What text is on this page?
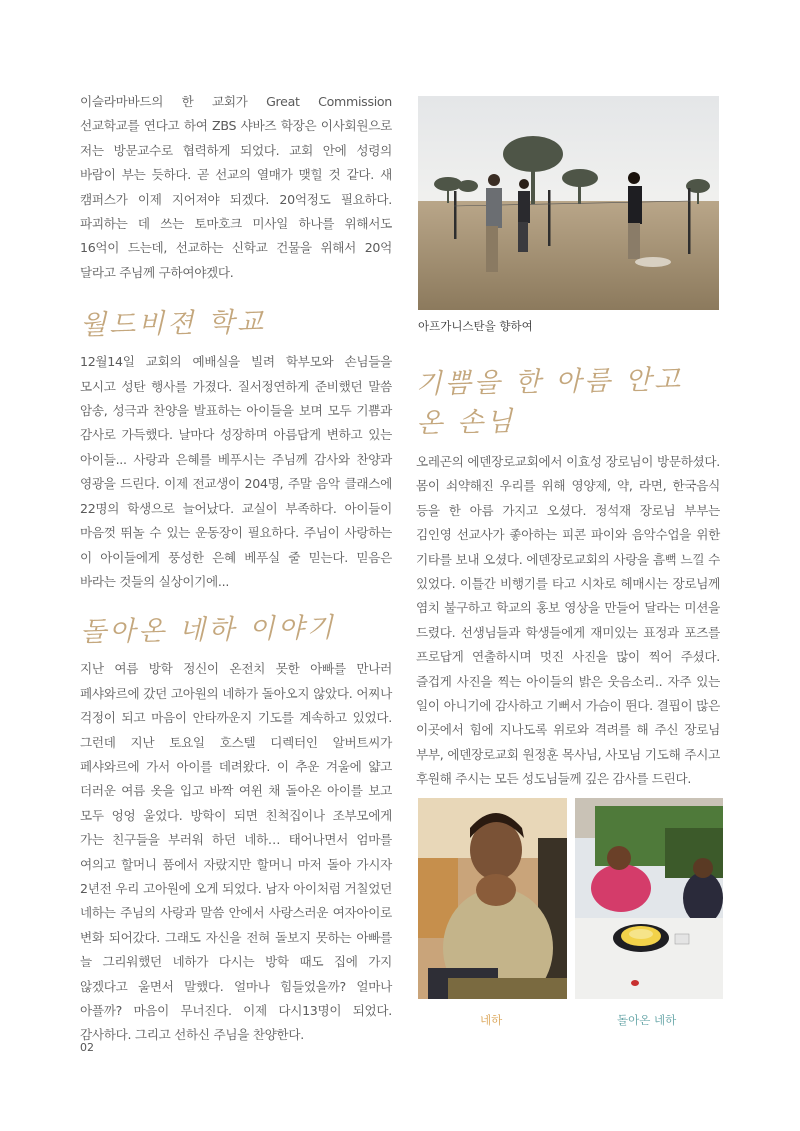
이슬라마바드의 한 교회가 Great Commission 선교학교를 연다고 하여 ZBS 샤바즈 학장은 이사회원으로 저는 방문교수로 협력하게 되었다. 교회 안에 성령의 바람이 부는 듯하다. 곧 선교의 열매가 맺힐 것 같다. 새 캠퍼스가 이제 지어져야 되겠다. 20억정도 필요하다. 파괴하는 데 쓰는 토마호크 미사일 하나를 위해서도 16억이 드는데, 선교하는 신학교 건물을 위해서 20억 달라고 주님께 구하여야겠다.

월드비젼 학교

12월14일 교회의 예배실을 빌려 학부모와 손님들을 모시고 성탄 행사를 가졌다. 질서정연하게 준비했던 말씀 암송, 성극과 찬양을 발표하는 아이들을 보며 모두 기쁨과 감사로 가득했다. 날마다 성장하며 아름답게 변하고 있는 아이들... 사랑과 은혜를 베푸시는 주님께 감사와 찬양과 영광을 드린다. 이제 전교생이 204명, 주말 음악 클래스에 22명의 학생으로 늘어났다. 교실이 부족하다. 아이들이 마음껏 뛰놀 수 있는 운동장이 필요하다. 주님이 사랑하는 이 아이들에게 풍성한 은혜 베푸실 줄 믿는다. 믿음은 바라는 것들의 실상이기에...

돌아온 네하 이야기

지난 여름 방학 정신이 온전치 못한 아빠를 만나러 페샤와르에 갔던 고아원의 네하가 돌아오지 않았다. 어찌나 걱정이 되고 마음이 안타까운지 기도를 계속하고 있었다. 그런데 지난 토요일 호스텔 디렉터인 알버트씨가 페샤와르에 가서 아이를 데려왔다. 이 추운 겨울에 얇고 더러운 여름 옷을 입고 바짝 여윈 채 돌아온 아이를 보고 모두 엉엉 울었다. 방학이 되면 친척집이나 조부모에게 가는 친구들을 부러워 하던 네하… 태어나면서 엄마를 여의고 할머니 품에서 자랐지만 할머니 마저 돌아 가시자 2년전 우리 고아원에 오게 되었다. 남자 아이처럼 거칠었던 네하는 주님의 사랑과 말씀 안에서 사랑스러운 여자아이로 변화 되어갔다. 그래도 자신을 전혀 돌보지 못하는 아빠를 늘 그리워했던 네하가 다시는 방학 때도 집에 가지 않겠다고 울면서 말했다. 얼마나 힘들었을까? 얼마나 아플까? 마음이 무너진다. 이제 다시13명이 되었다. 감사하다. 그리고 선하신 주님을 찬양한다.

아프가니스탄을 향하여
기쁨을 한 아름 안고 온 손님

오레곤의 에덴장로교회에서 이효성 장로님이 방문하셨다. 몸이 쇠약해진 우리를 위해 영양제, 약, 라면, 한국음식 등을 한 아름 가지고 오셨다. 정석재 장로님 부부는 김인영 선교사가 좋아하는 피콘 파이와 음악수업을 위한 기타를 보내 오셨다. 에덴장로교회의 사랑을 흠뻑 느낄 수 있었다. 이틀간 비행기를 타고 시차로 헤매시는 장로님께 염치 불구하고 학교의 홍보 영상을 만들어 달라는 미션을 드렸다. 선생님들과 학생들에게 재미있는 표정과 포즈를 프로답게 연출하시며 멋진 사진을 많이 찍어 주셨다. 즐겁게 사진을 찍는 아이들의 밝은 웃음소리.. 자주 있는 일이 아니기에 감사하고 기뻐서 가슴이 뛴다. 결핍이 많은 이곳에서 힘에 지나도록 위로와 격려를 해 주신 장로님 부부, 에덴장로교회 원정훈 목사님, 사모님 기도해 주시고 후원해 주시는 모든 성도님들께 깊은 감사를 드린다.

네하	돌아온 네하
02
